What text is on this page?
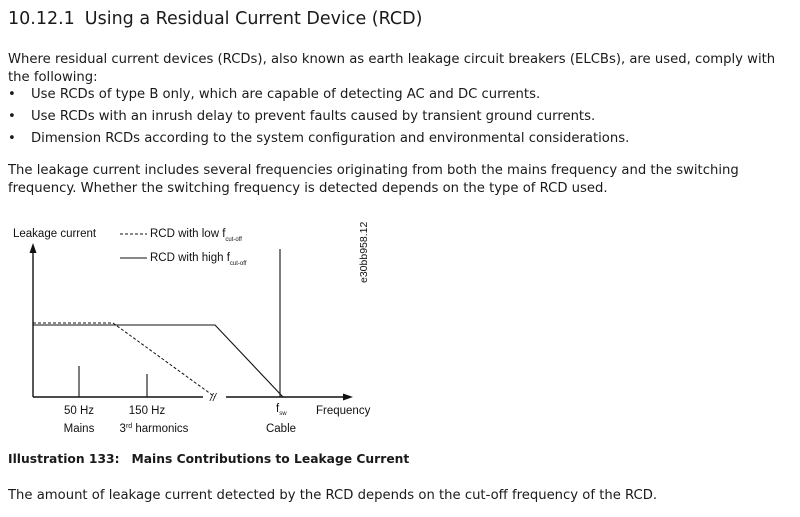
10.12.1 Using a Residual Current Device (RCD)

Where residual current devices (RCDs), also known as earth leakage circuit breakers (ELCBs), are used, comply with the following:

• Use RCDs of type B only, which are capable of detecting AC and DC currents.
• Use RCDs with an inrush delay to prevent faults caused by transient ground currents.
• Dimension RCDs according to the system configuration and environmental considerations.

The leakage current includes several frequencies originating from both the mains frequency and the switching frequency. Whether the switching frequency is detected depends on the type of RCD used.

//
Leakage current
Frequency
RCD with low $f_{cut-off}$
RCD with high $f_{cut-off}$
50 Hz
Mains
150 Hz
3rd harmonics
$f_{sw}$
Cable
e30bb958.12

Illustration 133: Mains Contributions to Leakage Current

The amount of leakage current detected by the RCD depends on the cut-off frequency of the RCD.
